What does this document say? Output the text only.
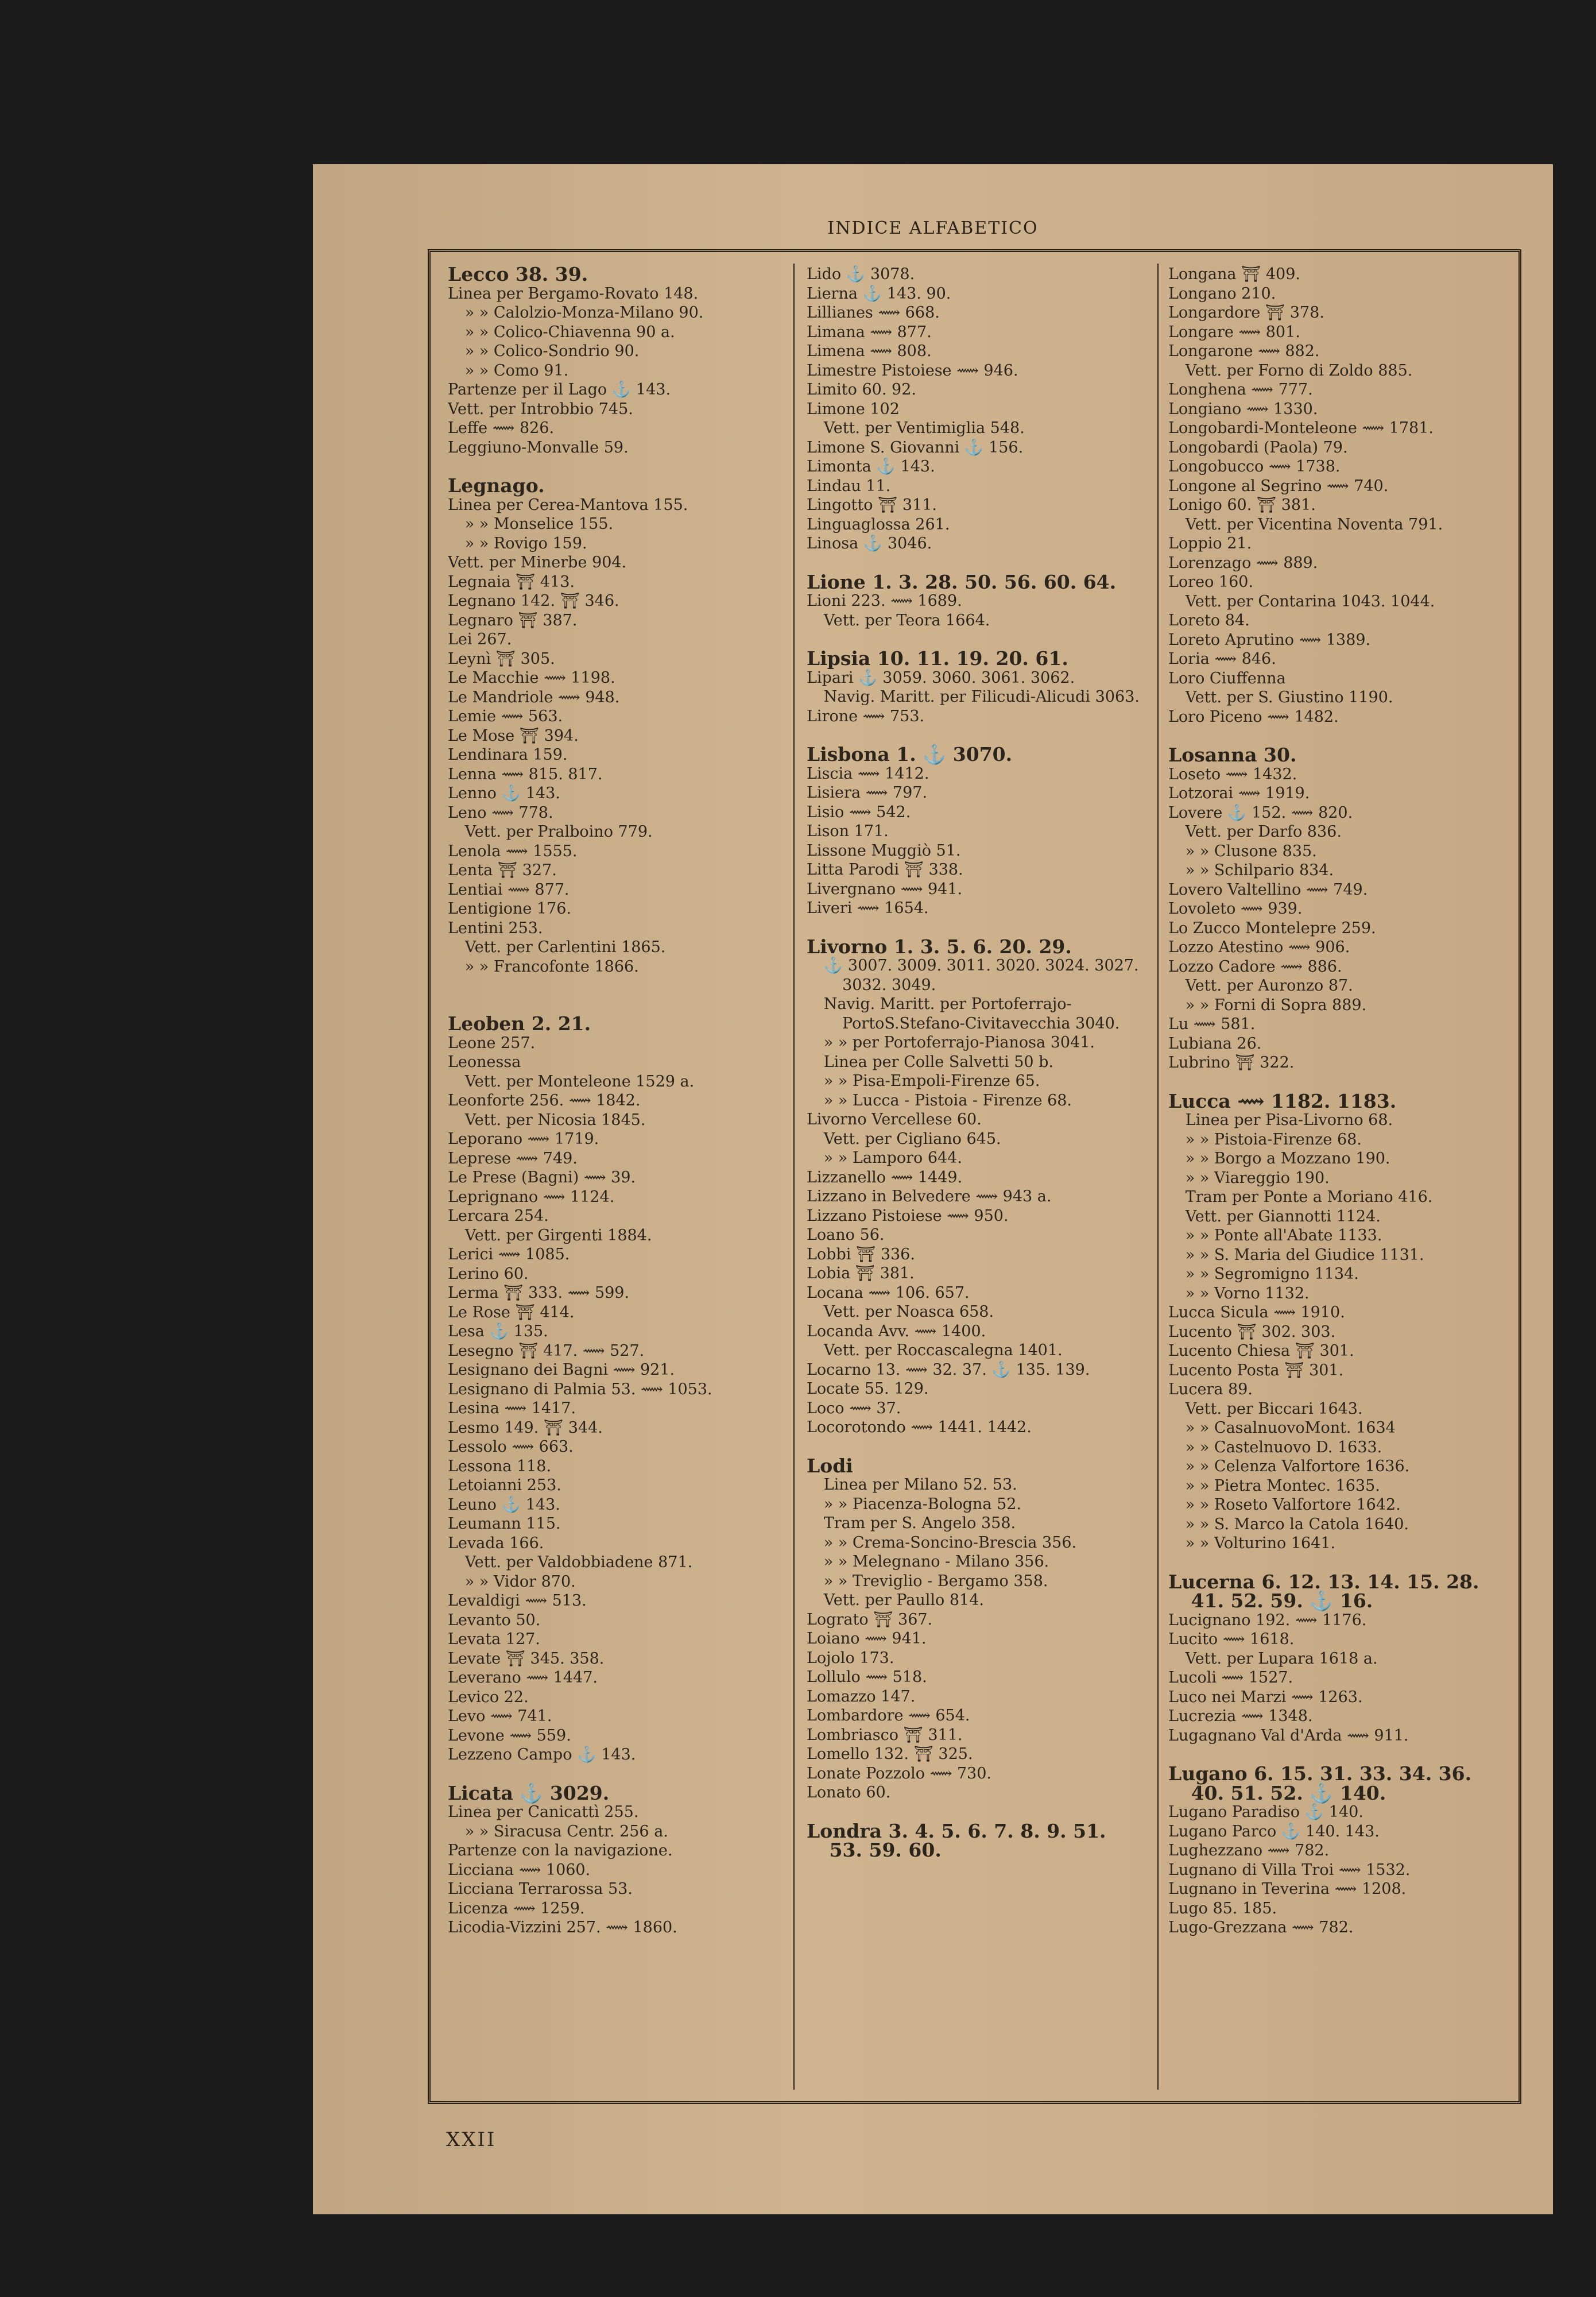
INDICE ALFABETICO
Lecco 38. 39.
Linea per Bergamo-Rovato 148.
» » Calolzio-Monza-Milano 90.
» » Colico-Chiavenna 90 a.
» » Colico-Sondrio 90.
» » Como 91.
Partenze per il Lago ⚓ 143.
Vett. per Introbbio 745.
Leffe ⟿ 826.
Leggiuno-Monvalle 59.
Legnago.
Linea per Cerea-Mantova 155.
» » Monselice 155.
» » Rovigo 159.
Vett. per Minerbe 904.
Legnaia ⛩ 413.
Legnano 142. ⛩ 346.
Legnaro ⛩ 387.
Lei 267.
Leynì ⛩ 305.
Le Macchie ⟿ 1198.
Le Mandriole ⟿ 948.
Lemie ⟿ 563.
Le Mose ⛩ 394.
Lendinara 159.
Lenna ⟿ 815. 817.
Lenno ⚓ 143.
Leno ⟿ 778.
Vett. per Pralboino 779.
Lenola ⟿ 1555.
Lenta ⛩ 327.
Lentiai ⟿ 877.
Lentigione 176.
Lentini 253.
Vett. per Carlentini 1865.
» » Francofonte 1866.
Leoben 2. 21.
Leone 257.
Leonessa
Vett. per Monteleone 1529 a.
Leonforte 256. ⟿ 1842.
Vett. per Nicosia 1845.
Leporano ⟿ 1719.
Leprese ⟿ 749.
Le Prese (Bagni) ⟿ 39.
Leprignano ⟿ 1124.
Lercara 254.
Vett. per Girgenti 1884.
Lerici ⟿ 1085.
Lerino 60.
Lerma ⛩ 333. ⟿ 599.
Le Rose ⛩ 414.
Lesa ⚓ 135.
Lesegno ⛩ 417. ⟿ 527.
Lesignano dei Bagni ⟿ 921.
Lesignano di Palmia 53. ⟿ 1053.
Lesina ⟿ 1417.
Lesmo 149. ⛩ 344.
Lessolo ⟿ 663.
Lessona 118.
Letoianni 253.
Leuno ⚓ 143.
Leumann 115.
Levada 166.
Vett. per Valdobbiadene 871.
» » Vidor 870.
Levaldigi ⟿ 513.
Levanto 50.
Levata 127.
Levate ⛩ 345. 358.
Leverano ⟿ 1447.
Levico 22.
Levo ⟿ 741.
Levone ⟿ 559.
Lezzeno Campo ⚓ 143.
Licata ⚓ 3029.
Linea per Canicattì 255.
» » Siracusa Centr. 256 a.
Partenze con la navigazione.
Licciana ⟿ 1060.
Licciana Terrarossa 53.
Licenza ⟿ 1259.
Licodia-Vizzini 257. ⟿ 1860.
Lido ⚓ 3078.
Lierna ⚓ 143. 90.
Lillianes ⟿ 668.
Limana ⟿ 877.
Limena ⟿ 808.
Limestre Pistoiese ⟿ 946.
Limito 60. 92.
Limone 102
Vett. per Ventimiglia 548.
Limone S. Giovanni ⚓ 156.
Limonta ⚓ 143.
Lindau 11.
Lingotto ⛩ 311.
Linguaglossa 261.
Linosa ⚓ 3046.
Lione 1. 3. 28. 50. 56. 60. 64.
Lioni 223. ⟿ 1689.
Vett. per Teora 1664.
Lipsia 10. 11. 19. 20. 61.
Lipari ⚓ 3059. 3060. 3061. 3062.
Navig. Maritt. per Filicudi-Alicudi 3063.
Lirone ⟿ 753.
Lisbona 1. ⚓ 3070.
Liscia ⟿ 1412.
Lisiera ⟿ 797.
Lisio ⟿ 542.
Lison 171.
Lissone Muggiò 51.
Litta Parodi ⛩ 338.
Livergnano ⟿ 941.
Liveri ⟿ 1654.
Livorno 1. 3. 5. 6. 20. 29.
⚓ 3007. 3009. 3011. 3020. 3024. 3027. 3032. 3049.
Navig. Maritt. per Portoferrajo-PortoS.Stefano-Civitavecchia 3040.
» » per Portoferrajo-Pianosa 3041.
Linea per Colle Salvetti 50 b.
» » Pisa-Empoli-Firenze 65.
» » Lucca - Pistoia - Firenze 68.
Livorno Vercellese 60.
Vett. per Cigliano 645.
» » Lamporo 644.
Lizzanello ⟿ 1449.
Lizzano in Belvedere ⟿ 943 a.
Lizzano Pistoiese ⟿ 950.
Loano 56.
Lobbi ⛩ 336.
Lobia ⛩ 381.
Locana ⟿ 106. 657.
Vett. per Noasca 658.
Locanda Avv. ⟿ 1400.
Vett. per Roccascalegna 1401.
Locarno 13. ⟿ 32. 37. ⚓ 135. 139.
Locate 55. 129.
Loco ⟿ 37.
Locorotondo ⟿ 1441. 1442.
Lodi
Linea per Milano 52. 53.
» » Piacenza-Bologna 52.
Tram per S. Angelo 358.
» » Crema-Soncino-Brescia 356.
» » Melegnano - Milano 356.
» » Treviglio - Bergamo 358.
Vett. per Paullo 814.
Lograto ⛩ 367.
Loiano ⟿ 941.
Lojolo 173.
Lollulo ⟿ 518.
Lomazzo 147.
Lombardore ⟿ 654.
Lombriasco ⛩ 311.
Lomello 132. ⛩ 325.
Lonate Pozzolo ⟿ 730.
Lonato 60.
Londra 3. 4. 5. 6. 7. 8. 9. 51. 53. 59. 60.
Longana ⛩ 409.
Longano 210.
Longardore ⛩ 378.
Longare ⟿ 801.
Longarone ⟿ 882.
Vett. per Forno di Zoldo 885.
Longhena ⟿ 777.
Longiano ⟿ 1330.
Longobardi-Monteleone ⟿ 1781.
Longobardi (Paola) 79.
Longobucco ⟿ 1738.
Longone al Segrino ⟿ 740.
Lonigo 60. ⛩ 381.
Vett. per Vicentina Noventa 791.
Loppio 21.
Lorenzago ⟿ 889.
Loreo 160.
Vett. per Contarina 1043. 1044.
Loreto 84.
Loreto Aprutino ⟿ 1389.
Loria ⟿ 846.
Loro Ciuffenna
Vett. per S. Giustino 1190.
Loro Piceno ⟿ 1482.
Losanna 30.
Loseto ⟿ 1432.
Lotzorai ⟿ 1919.
Lovere ⚓ 152. ⟿ 820.
Vett. per Darfo 836.
» » Clusone 835.
» » Schilpario 834.
Lovero Valtellino ⟿ 749.
Lovoleto ⟿ 939.
Lo Zucco Montelepre 259.
Lozzo Atestino ⟿ 906.
Lozzo Cadore ⟿ 886.
Vett. per Auronzo 87.
» » Forni di Sopra 889.
Lu ⟿ 581.
Lubiana 26.
Lubrino ⛩ 322.
Lucca ⟿ 1182. 1183.
Linea per Pisa-Livorno 68.
» » Pistoia-Firenze 68.
» » Borgo a Mozzano 190.
» » Viareggio 190.
Tram per Ponte a Moriano 416.
Vett. per Giannotti 1124.
» » Ponte all'Abate 1133.
» » S. Maria del Giudice 1131.
» » Segromigno 1134.
» » Vorno 1132.
Lucca Sicula ⟿ 1910.
Lucento ⛩ 302. 303.
Lucento Chiesa ⛩ 301.
Lucento Posta ⛩ 301.
Lucera 89.
Vett. per Biccari 1643.
» » CasalnuovoMont. 1634
» » Castelnuovo D. 1633.
» » Celenza Valfortore 1636.
» » Pietra Montec. 1635.
» » Roseto Valfortore 1642.
» » S. Marco la Catola 1640.
» » Volturino 1641.
Lucerna 6. 12. 13. 14. 15. 28. 41. 52. 59. ⚓ 16.
Lucignano 192. ⟿ 1176.
Lucito ⟿ 1618.
Vett. per Lupara 1618 a.
Lucoli ⟿ 1527.
Luco nei Marzi ⟿ 1263.
Lucrezia ⟿ 1348.
Lugagnano Val d'Arda ⟿ 911.
Lugano 6. 15. 31. 33. 34. 36. 40. 51. 52. ⚓ 140.
Lugano Paradiso ⚓ 140.
Lugano Parco ⚓ 140. 143.
Lughezzano ⟿ 782.
Lugnano di Villa Troi ⟿ 1532.
Lugnano in Teverina ⟿ 1208.
Lugo 85. 185.
Lugo-Grezzana ⟿ 782.
XXII
